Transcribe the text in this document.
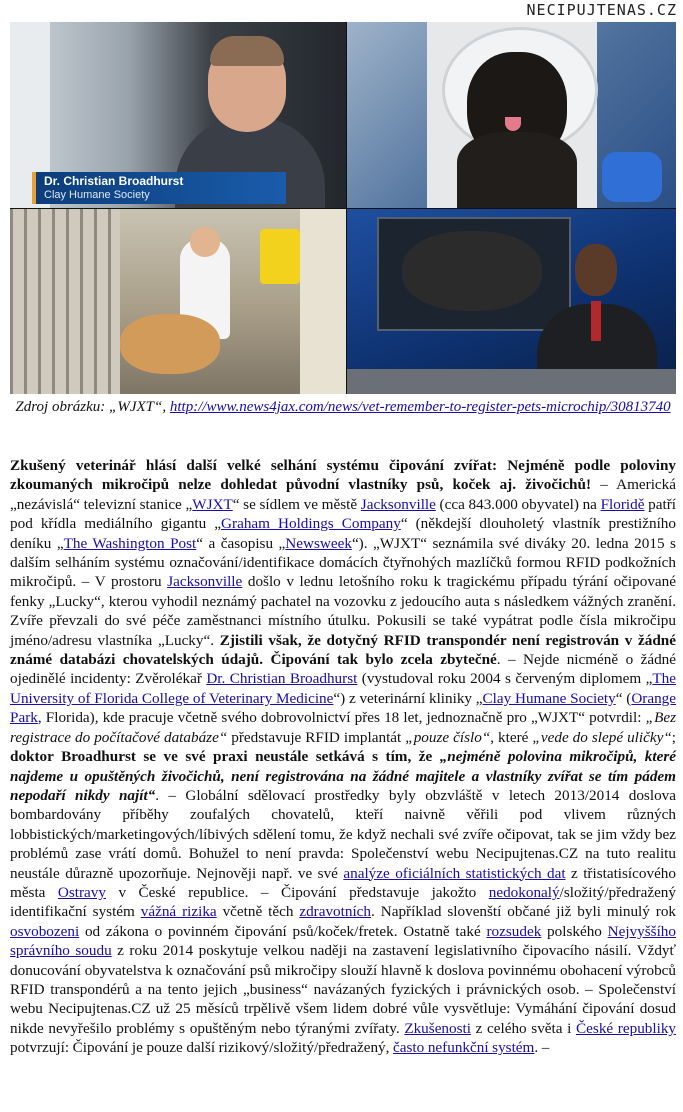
NECIPUJTENAS.CZ
Dr. Christian Broadhurst
Clay Humane Society
Zdroj obrázku: „WJXT“, http://www.news4jax.com/news/vet-remember-to-register-pets-microchip/30813740
Zkušený veterinář hlásí další velké selhání systému čipování zvířat: Nejméně podle poloviny zkoumaných mikročipů nelze dohledat původní vlastníky psů, koček aj. živočichů! – Americká „nezávislá“ televizní stanice „WJXT“ se sídlem ve městě Jacksonville (cca 843.000 obyvatel) na Floridě patří pod křídla mediálního gigantu „Graham Holdings Company“ (někdejší dlouholetý vlastník prestižního deníku „The Washington Post“ a časopisu „Newsweek“). „WJXT“ seznámila své diváky 20. ledna 2015 s dalším selháním systému označování/identifikace domácích čtyřnohých mazlíčků formou RFID podkožních mikročipů. – V prostoru Jacksonville došlo v lednu letošního roku k tragickému případu týrání očipované fenky „Lucky“, kterou vyhodil neznámý pachatel na vozovku z jedoucího auta s následkem vážných zranění. Zvíře převzali do své péče zaměstnanci místního útulku. Pokusili se také vypátrat podle čísla mikročipu jméno/adresu vlastníka „Lucky“. Zjistili však, že dotyčný RFID transpondér není registrován v žádné známé databázi chovatelských údajů. Čipování tak bylo zcela zbytečné. – Nejde nicméně o žádné ojedinělé incidenty: Zvěrolékař Dr. Christian Broadhurst (vystudoval roku 2004 s červeným diplomem „The University of Florida College of Veterinary Medicine“) z veterinární kliniky „Clay Humane Society“ (Orange Park, Florida), kde pracuje včetně svého dobrovolnictví přes 18 let, jednoznačně pro „WJXT“ potvrdil: „Bez registrace do počítačové databáze“ představuje RFID implantát „pouze číslo“, které „vede do slepé uličky“; doktor Broadhurst se ve své praxi neustále setkává s tím, že „nejméně polovina mikročipů, které najdeme u opuštěných živočichů, není registrována na žádné majitele a vlastníky zvířat se tím pádem nepodaří nikdy najít“. – Globální sdělovací prostředky byly obzvláště v letech 2013/2014 doslova bombardovány příběhy zoufalých chovatelů, kteří naivně věřili pod vlivem různých lobbistických/marketingových/líbivých sdělení tomu, že když nechali své zvíře očipovat, tak se jim vždy bez problémů zase vrátí domů. Bohužel to není pravda: Společenství webu Necipujtenas.CZ na tuto realitu neustále důrazně upozorňuje. Nejnověji např. ve své analýze oficiálních statistických dat z třistatisícového města Ostravy v České republice. – Čipování představuje jakožto nedokonalý/složitý/předražený identifikační systém vážná rizika včetně těch zdravotních. Například slovenští občané již byli minulý rok osvobozeni od zákona o povinném čipování psů/koček/fretek. Ostatně také rozsudek polského Nejvyššího správního soudu z roku 2014 poskytuje velkou naději na zastavení legislativního čipovacího násilí. Vždyť donucování obyvatelstva k označování psů mikročipy slouží hlavně k doslova povinnému obohacení výrobců RFID transpondérů a na tento jejich „business“ navázaných fyzických i právnických osob. – Společenství webu Necipujtenas.CZ už 25 měsíců trpělivě všem lidem dobré vůle vysvětluje: Vymáhání čipování dosud nikde nevyřešilo problémy s opuštěným nebo týranými zvířaty. Zkušenosti z celého světa i České republiky potvrzují: Čipování je pouze další rizikový/složitý/předražený, často nefunkční systém. –
